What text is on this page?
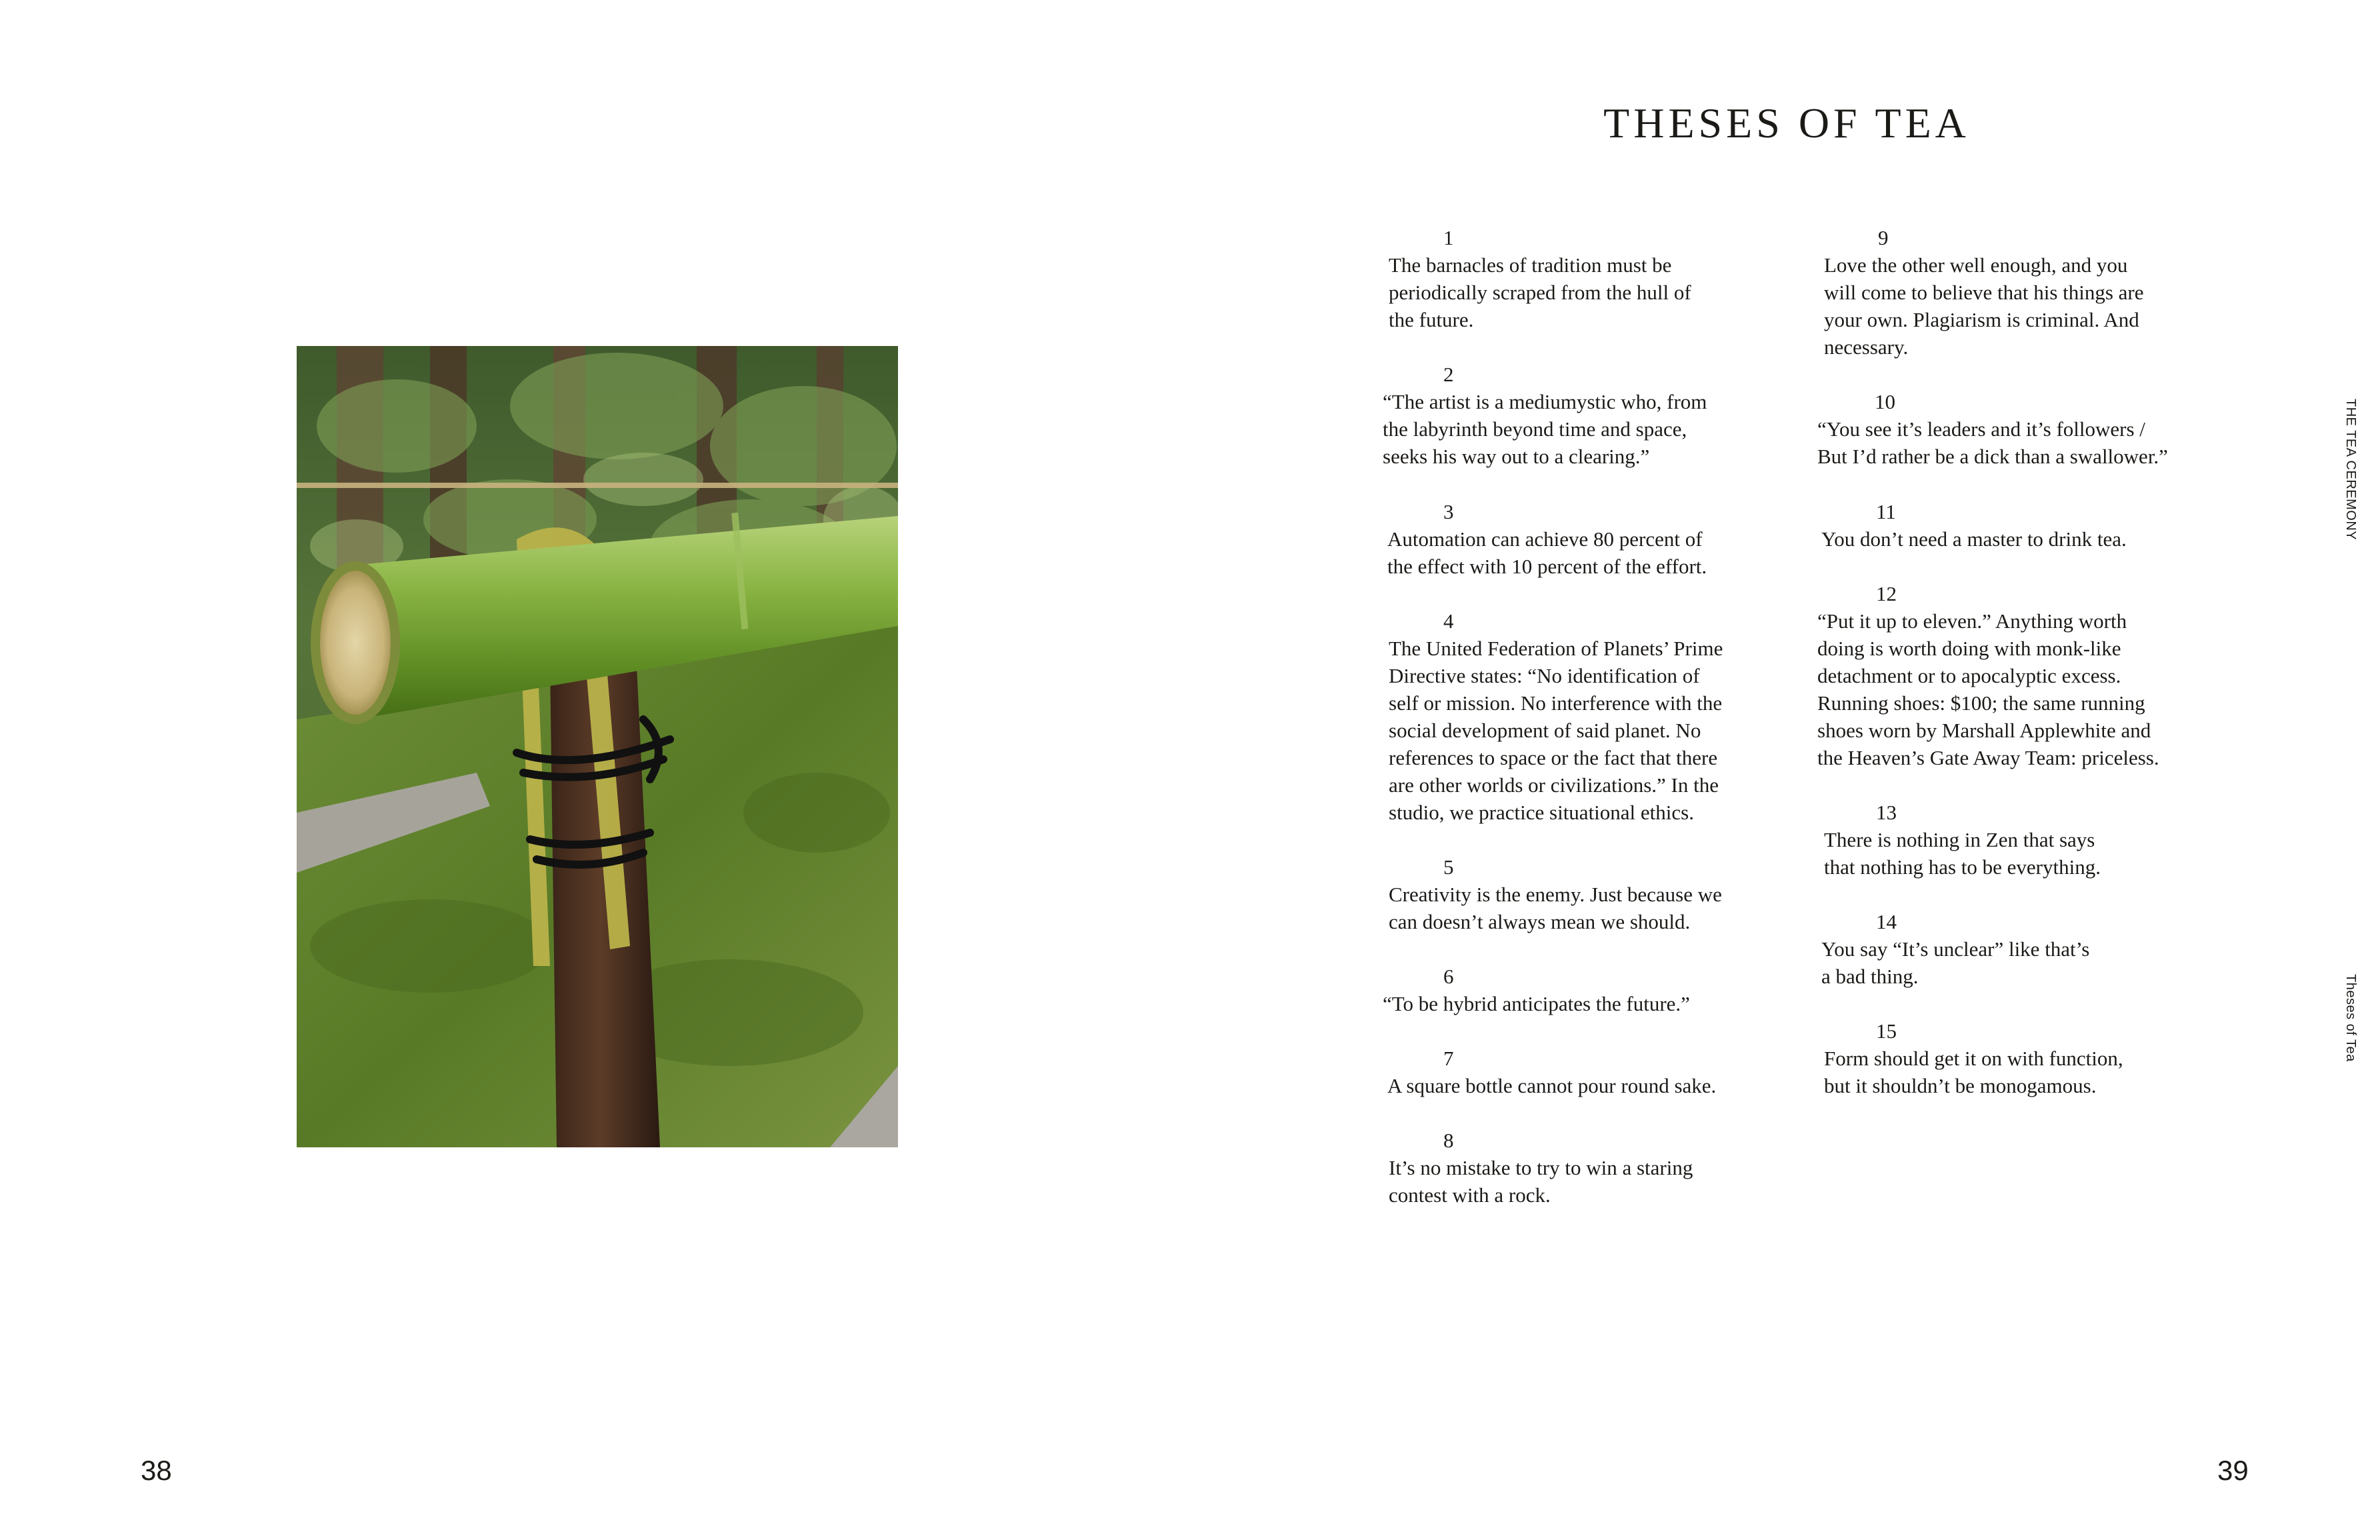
38
THESES OF TEA
1
The barnacles of tradition must be
periodically scraped from the hull of
the future.
2
“The artist is a mediumystic who, from
the labyrinth beyond time and space,
seeks his way out to a clearing.”
3
Automation can achieve 80 percent of
the effect with 10 percent of the effort.
4
The United Federation of Planets’ Prime
Directive states: “No identification of
self or mission. No interference with the
social development of said planet. No
references to space or the fact that there
are other worlds or civilizations.” In the
studio, we practice situational ethics.
5
Creativity is the enemy. Just because we
can doesn’t always mean we should.
6
“To be hybrid anticipates the future.”
7
A square bottle cannot pour round sake.
8
It’s no mistake to try to win a staring
contest with a rock.
9
Love the other well enough, and you
will come to believe that his things are
your own. Plagiarism is criminal. And
necessary.
10
“You see it’s leaders and it’s followers /
But I’d rather be a dick than a swallower.”
11
You don’t need a master to drink tea.
12
“Put it up to eleven.” Anything worth
doing is worth doing with monk-like
detachment or to apocalyptic excess.
Running shoes: $100; the same running
shoes worn by Marshall Applewhite and
the Heaven’s Gate Away Team: priceless.
13
There is nothing in Zen that says
that nothing has to be everything.
14
You say “It’s unclear” like that’s
a bad thing.
15
Form should get it on with function,
but it shouldn’t be monogamous.
THE TEA CEREMONY
Theses of Tea
39
